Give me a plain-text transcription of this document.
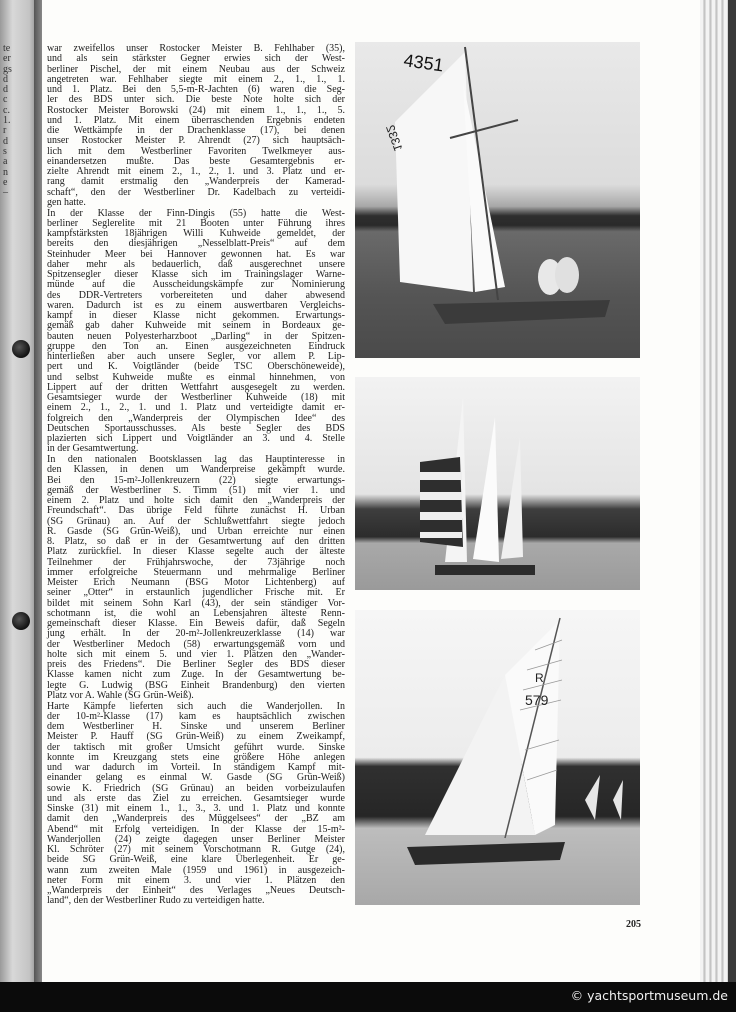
te
er
gs
d
d
c
c.
1.
r
d
s
a
n
e
–
war zweifellos unser Rostocker Meister B. Fehlhaber (35),
und als sein stärkster Gegner erwies sich der West-
berliner Pischel, der mit einem Neubau aus der Schweiz
angetreten war. Fehlhaber siegte mit einem 2., 1., 1., 1.
und 1. Platz. Bei den 5,5-m-R-Jachten (6) waren die Seg-
ler des BDS unter sich. Die beste Note holte sich der
Rostocker Meister Borowski (24) mit einem 1., 1., 1., 5.
und 1. Platz. Mit einem überraschenden Ergebnis endeten
die Wettkämpfe in der Drachenklasse (17), bei denen
unser Rostocker Meister P. Ahrendt (27) sich hauptsäch-
lich mit dem Westberliner Favoriten Twelkmeyer aus-
einandersetzen mußte. Das beste Gesamtergebnis er-
zielte Ahrendt mit einem 2., 1., 2., 1. und 3. Platz und er-
rang damit erstmalig den „Wanderpreis der Kamerad-
schaft“, den der Westberliner Dr. Kadelbach zu verteidi-
gen hatte.
In der Klasse der Finn-Dingis (55) hatte die West-
berliner Seglerelite mit 21 Booten unter Führung ihres
kampfstärksten 18jährigen Willi Kuhweide gemeldet, der
bereits den diesjährigen „Nesselblatt-Preis“ auf dem
Steinhuder Meer bei Hannover gewonnen hat. Es war
daher mehr als bedauerlich, daß ausgerechnet unsere
Spitzensegler dieser Klasse sich im Trainingslager Warne-
münde auf die Ausscheidungskämpfe zur Nominierung
des DDR-Vertreters vorbereiteten und daher abwesend
waren. Dadurch ist es zu einem auswertbaren Vergleichs-
kampf in dieser Klasse nicht gekommen. Erwartungs-
gemäß gab daher Kuhweide mit seinem in Bordeaux ge-
bauten neuen Polyesterharzboot „Darling“ in der Spitzen-
gruppe den Ton an. Einen ausgezeichneten Eindruck
hinterließen aber auch unsere Segler, vor allem P. Lip-
pert und K. Voigtländer (beide TSC Oberschöneweide),
und selbst Kuhweide mußte es einmal hinnehmen, von
Lippert auf der dritten Wettfahrt ausgesegelt zu werden.
Gesamtsieger wurde der Westberliner Kuhweide (18) mit
einem 2., 1., 2., 1. und 1. Platz und verteidigte damit er-
folgreich den „Wanderpreis der Olympischen Idee“ des
Deutschen Sportausschusses. Als beste Segler des BDS
plazierten sich Lippert und Voigtländer an 3. und 4. Stelle
in der Gesamtwertung.
In den nationalen Bootsklassen lag das Hauptinteresse in
den Klassen, in denen um Wanderpreise gekämpft wurde.
Bei den 15-m²-Jollenkreuzern (22) siegte erwartungs-
gemäß der Westberliner S. Timm (51) mit vier 1. und
einem 2. Platz und holte sich damit den „Wanderpreis der
Freundschaft“. Das übrige Feld führte zunächst H. Urban
(SG Grünau) an. Auf der Schlußwettfahrt siegte jedoch
R. Gasde (SG Grün-Weiß), und Urban erreichte nur einen
8. Platz, so daß er in der Gesamtwertung auf den dritten
Platz zurückfiel. In dieser Klasse segelte auch der älteste
Teilnehmer der Frühjahrswoche, der 73jährige noch
immer erfolgreiche Steuermann und mehrmalige Berliner
Meister Erich Neumann (BSG Motor Lichtenberg) auf
seiner „Otter“ in erstaunlich jugendlicher Frische mit. Er
bildet mit seinem Sohn Karl (43), der sein ständiger Vor-
schotmann ist, die wohl an Lebensjahren älteste Renn-
gemeinschaft dieser Klasse. Ein Beweis dafür, daß Segeln
jung erhält. In der 20-m²-Jollenkreuzerklasse (14) war
der Westberliner Medoch (58) erwartungsgemäß vorn und
holte sich mit einem 5. und vier 1. Plätzen den „Wander-
preis des Friedens“. Die Berliner Segler des BDS dieser
Klasse kamen nicht zum Zuge. In der Gesamtwertung be-
legte G. Ludwig (BSG Einheit Brandenburg) den vierten
Platz vor A. Wahle (SG Grün-Weiß).
Harte Kämpfe lieferten sich auch die Wanderjollen. In
der 10-m²-Klasse (17) kam es hauptsächlich zwischen
dem Westberliner H. Sinske und unserem Berliner
Meister P. Hauff (SG Grün-Weiß) zu einem Zweikampf,
der taktisch mit großer Umsicht geführt wurde. Sinske
konnte im Kreuzgang stets eine größere Höhe anlegen
und war dadurch im Vorteil. In ständigem Kampf mit-
einander gelang es einmal W. Gasde (SG Grün-Weiß)
sowie K. Friedrich (SG Grünau) an beiden vorbeizulaufen
und als erste das Ziel zu erreichen. Gesamtsieger wurde
Sinske (31) mit einem 1., 1., 3., 3. und 1. Platz und konnte
damit den „Wanderpreis des Müggelsees“ der „BZ am
Abend“ mit Erfolg verteidigen. In der Klasse der 15-m²-
Wanderjollen (24) zeigte dagegen unser Berliner Meister
Kl. Schröter (27) mit seinem Vorschotmann R. Gutge (24),
beide SG Grün-Weiß, eine klare Überlegenheit. Er ge-
wann zum zweiten Male (1959 und 1961) in ausgezeich-
neter Form mit einem 3. und vier 1. Plätzen den
„Wanderpreis der Einheit“ des Verlages „Neues Deutsch-
land“, den der Westberliner Rudo zu verteidigen hatte.
4351
1332
R
579
205
© yachtsportmuseum.de
